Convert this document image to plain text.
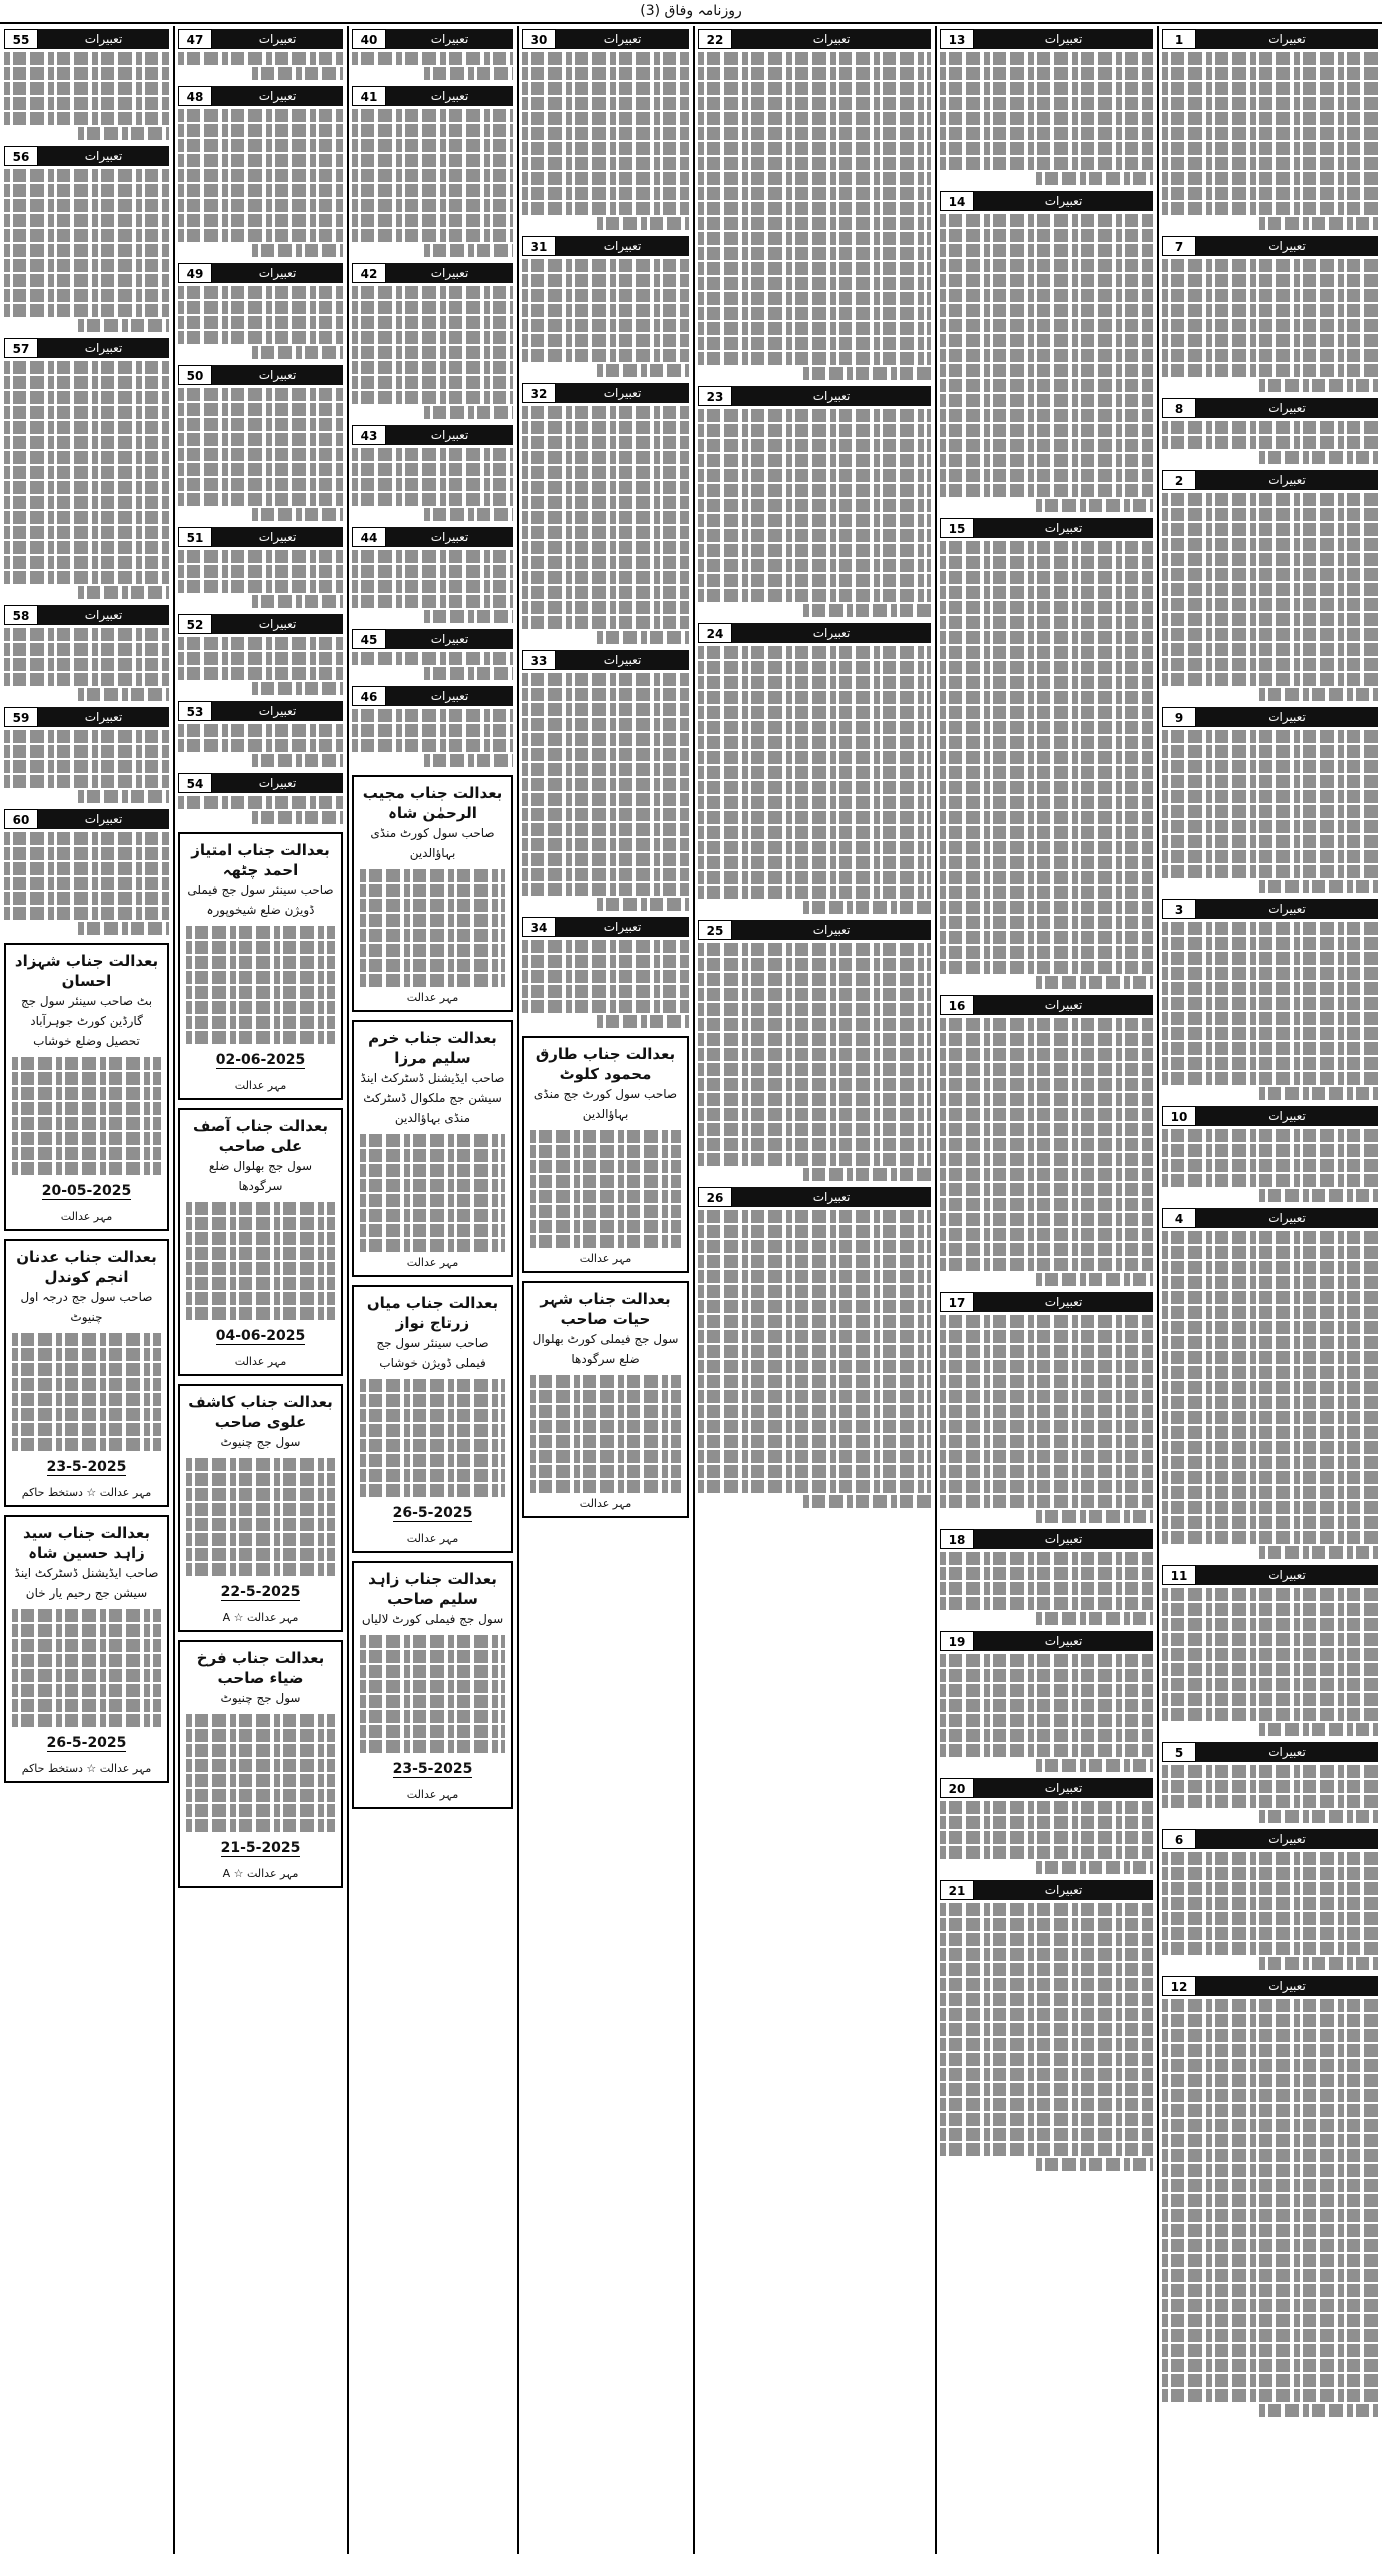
روزنامہ وفاق (3)
تعبیرات
1
تعبیرات
7
تعبیرات
8
تعبیرات
2
تعبیرات
9
تعبیرات
3
تعبیرات
10
تعبیرات
4
تعبیرات
11
تعبیرات
5
تعبیرات
6
تعبیرات
12
تعبیرات
13
تعبیرات
14
تعبیرات
15
تعبیرات
16
تعبیرات
17
تعبیرات
18
تعبیرات
19
تعبیرات
20
تعبیرات
21
تعبیرات
22
تعبیرات
23
تعبیرات
24
تعبیرات
25
تعبیرات
26
تعبیرات
30
تعبیرات
31
تعبیرات
32
تعبیرات
33
تعبیرات
34
بعدالت جناب طارق محمود کلوٹ
صاحب سول کورٹ جج منڈی بہاؤالدین
مہر عدالت
بعدالت جناب شہر حیات صاحب
سول جج فیملی کورٹ بھلوال ضلع سرگودھا
مہر عدالت
تعبیرات
40
تعبیرات
41
تعبیرات
42
تعبیرات
43
تعبیرات
44
تعبیرات
45
تعبیرات
46
بعدالت جناب مجیب الرحمٰن شاہ
صاحب سول کورٹ منڈی بہاؤالدین
مہر عدالت
بعدالت جناب خرم سلیم مرزا
صاحب ایڈیشنل ڈسٹرکٹ اینڈ سیشن جج ملکوال ڈسٹرکٹ منڈی بہاؤالدین
مہر عدالت
بعدالت جناب میاں زرتاج نواز
صاحب سینئر سول جج فیملی ڈویژن خوشاب
26-5-2025
مہر عدالت
بعدالت جناب زاہد سلیم صاحب
سول جج فیملی کورٹ لالیاں
23-5-2025
مہر عدالت
تعبیرات
47
تعبیرات
48
تعبیرات
49
تعبیرات
50
تعبیرات
51
تعبیرات
52
تعبیرات
53
تعبیرات
54
بعدالت جناب امتیاز احمد چٹھہ
صاحب سینئر سول جج فیملی ڈویژن ضلع شیخوپورہ
02-06-2025
مہر عدالت
بعدالت جناب آصف علی صاحب
سول جج بھلوال ضلع سرگودھا
04-06-2025
مہر عدالت
بعدالت جناب کاشف علوی صاحب
سول جج چنیوٹ
22-5-2025
مہر عدالت ☆ A
بعدالت جناب فرخ ضیاء صاحب
سول جج چنیوٹ
21-5-2025
مہر عدالت ☆ A
تعبیرات
55
تعبیرات
56
تعبیرات
57
تعبیرات
58
تعبیرات
59
تعبیرات
60
بعدالت جناب شہزاد احسان
بٹ صاحب سینئر سول جج گارڈین کورٹ جوہرآباد تحصیل وضلع خوشاب
20-05-2025
مہر عدالت
بعدالت جناب عدنان انجم کوندل
صاحب سول جج درجہ اول چنیوٹ
23-5-2025
مہر عدالت ☆ دستخط حاکم
بعدالت جناب سید زاہد حسین شاہ
صاحب ایڈیشنل ڈسٹرکٹ اینڈ سیشن جج رحیم یار خان
26-5-2025
مہر عدالت ☆ دستخط حاکم
